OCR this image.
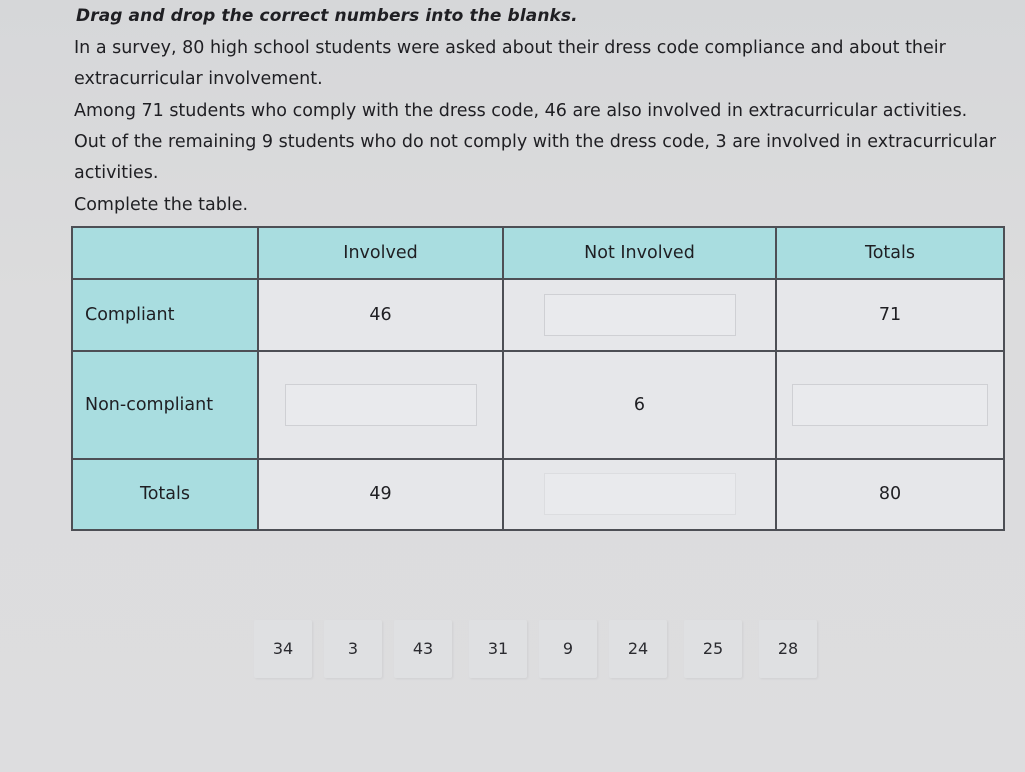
Drag and drop the correct numbers into the blanks.
In a survey, 80 high school students were asked about their dress code compliance and about their extracurricular involvement.
Among 71 students who comply with the dress code, 46 are also involved in extracurricular activities. Out of the remaining 9 students who do not comply with the dress code, 3 are involved in extracurricular activities.
Complete the table.
	Involved	Not Involved	Totals
Compliant	46		71
Non-compliant		6	
Totals	49		80
34	3	43	31	9	24	25	28
